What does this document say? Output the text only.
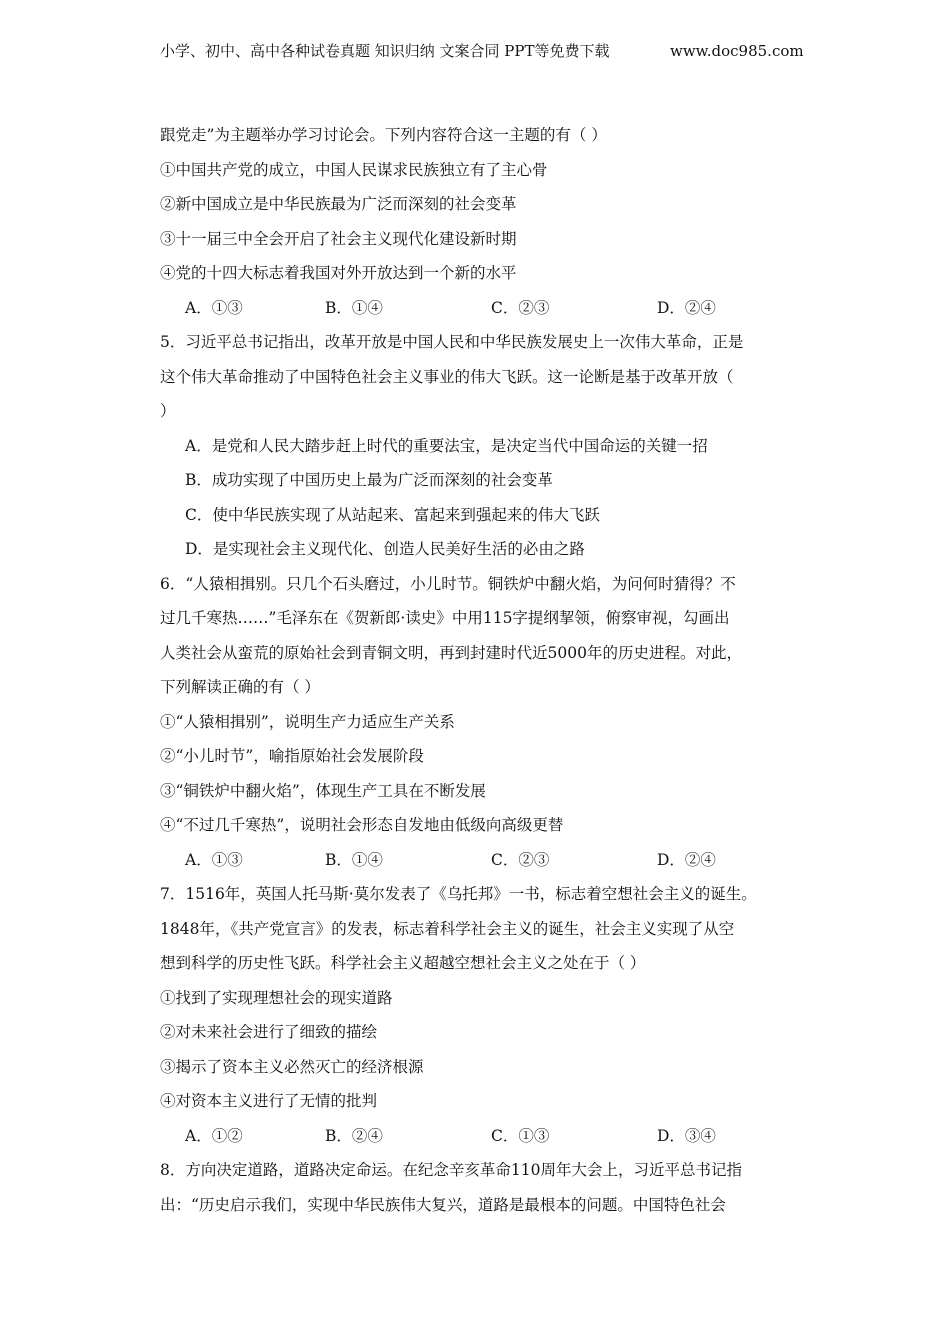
小学、初中、高中各种试卷真题 知识归纳 文案合同 PPT等免费下载	www.doc985.com
跟党走”为主题举办学习讨论会。下列内容符合这一主题的有（ ）
①中国共产党的成立，中国人民谋求民族独立有了主心骨
②新中国成立是中华民族最为广泛而深刻的社会变革
③十一届三中全会开启了社会主义现代化建设新时期
④党的十四大标志着我国对外开放达到一个新的水平
A．①③	B．①④	C．②③	D．②④
5．习近平总书记指出，改革开放是中国人民和中华民族发展史上一次伟大革命，正是
这个伟大革命推动了中国特色社会主义事业的伟大飞跃。这一论断是基于改革开放（
）
A．是党和人民大踏步赶上时代的重要法宝，是决定当代中国命运的关键一招
B．成功实现了中国历史上最为广泛而深刻的社会变革
C．使中华民族实现了从站起来、富起来到强起来的伟大飞跃
D．是实现社会主义现代化、创造人民美好生活的必由之路
6．“人猿相揖别。只几个石头磨过，小儿时节。铜铁炉中翻火焰，为问何时猜得？不
过几千寒热……”毛泽东在《贺新郎·读史》中用115字提纲挈领，俯察审视，勾画出
人类社会从蛮荒的原始社会到青铜文明，再到封建时代近5000年的历史进程。对此，
下列解读正确的有（ ）
①“人猿相揖别”，说明生产力适应生产关系
②“小儿时节”，喻指原始社会发展阶段
③“铜铁炉中翻火焰”，体现生产工具在不断发展
④“不过几千寒热”，说明社会形态自发地由低级向高级更替
A．①③	B．①④	C．②③	D．②④
7．1516年，英国人托马斯·莫尔发表了《乌托邦》一书，标志着空想社会主义的诞生。
1848年，《共产党宣言》的发表，标志着科学社会主义的诞生，社会主义实现了从空
想到科学的历史性飞跃。科学社会主义超越空想社会主义之处在于（ ）
①找到了实现理想社会的现实道路
②对未来社会进行了细致的描绘
③揭示了资本主义必然灭亡的经济根源
④对资本主义进行了无情的批判
A．①②	B．②④	C．①③	D．③④
8．方向决定道路，道路决定命运。在纪念辛亥革命110周年大会上，习近平总书记指
出：“历史启示我们，实现中华民族伟大复兴，道路是最根本的问题。中国特色社会
